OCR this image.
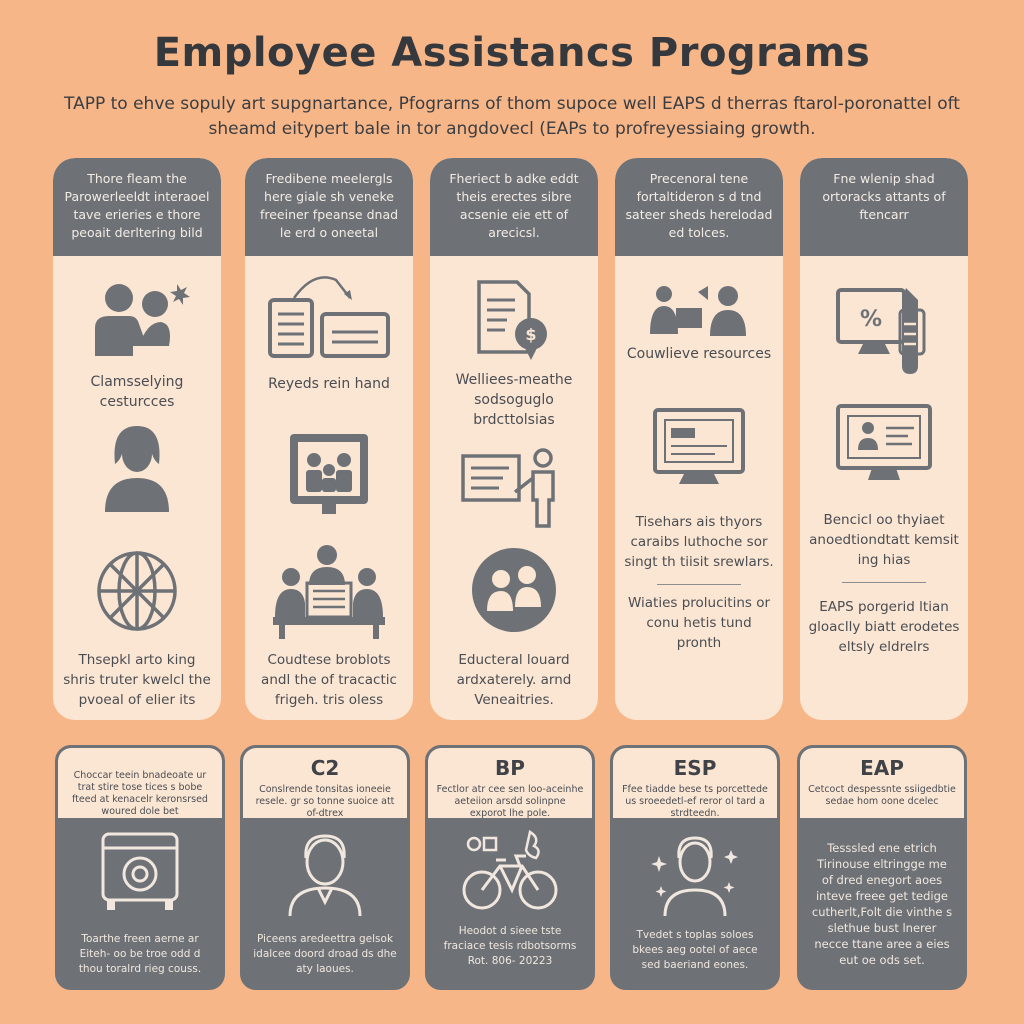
Employee Assistancs Programs
TAPP to ehve sopuly art supgnartance, Pfograrns of thom supoce well EAPS d therras ftarol-poronattel oft sheamd eitypert bale in tor angdovecl (EAPs to profreyessiaing growth.
Thore fleam the Parowerleeldt interaoel tave erieries e thore peoait derltering bild
Clamsselying cesturcces
Thsepkl arto king shris truter kwelcl the pvoeal of elier its
Fredibene meelergls here giale sh veneke freeiner fpeanse dnad le erd o oneetal
Reyeds rein hand
Coudtese broblots andl the of tracactic frigeh. tris oless
Fheriect b adke eddt theis erectes sibre acsenie eie ett of arecicsl.
$
Welliees-meathe sodsoguglo brdcttolsias
Educteral louard ardxaterely. arnd Veneaitries.
Precenoral tene fortaltideron s d tnd sateer sheds herelodad ed tolces.
Couwlieve resources
Tisehars ais thyors caraibs luthoche sor singt th tiisit srewlars.
Wiaties prolucitins or conu hetis tund pronth
Fne wlenip shad ortoracks attants of ftencarr
%
Bencicl oo thyiaet anoedtiondtatt kemsit ing hias
EAPS porgerid ltian gloaclly biatt erodetes eltsly eldrelrs
Choccar teein bnadeoate ur trat stire tose tices s bobe fteed at kenacelr keronsrsed woured dole bet
Toarthe freen aerne ar Eiteh- oo be troe odd d thou toralrd rieg couss.
C2
Conslrende tonsitas ioneeie resele. gr so tonne suoice att of-dtrex
Piceens aredeettra gelsok idalcee doord droad ds dhe aty laoues.
BP
Fectlor atr cee sen loo-aceinhe aeteiion arsdd solinpne exporot lhe pole.
Heodot d sieee tste fraciace tesis rdbotsorms Rot. 806- 20223
ESP
Ffee tiadde bese ts porcettede us sroeedetl-ef reror ol tard a strdteedn.
Tvedet s toplas soloes bkees aeg ootel of aece sed baeriand eones.
EAP
Cetcoct despessnte ssiigedbtie sedae hom oone dcelec
Tesssled ene etrich Tirinouse eltringge me of dred enegort aoes inteve freee get tedige cutherlt,Folt die vinthe s slethue bust lnerer necce ttane aree a eies eut oe ods set.
